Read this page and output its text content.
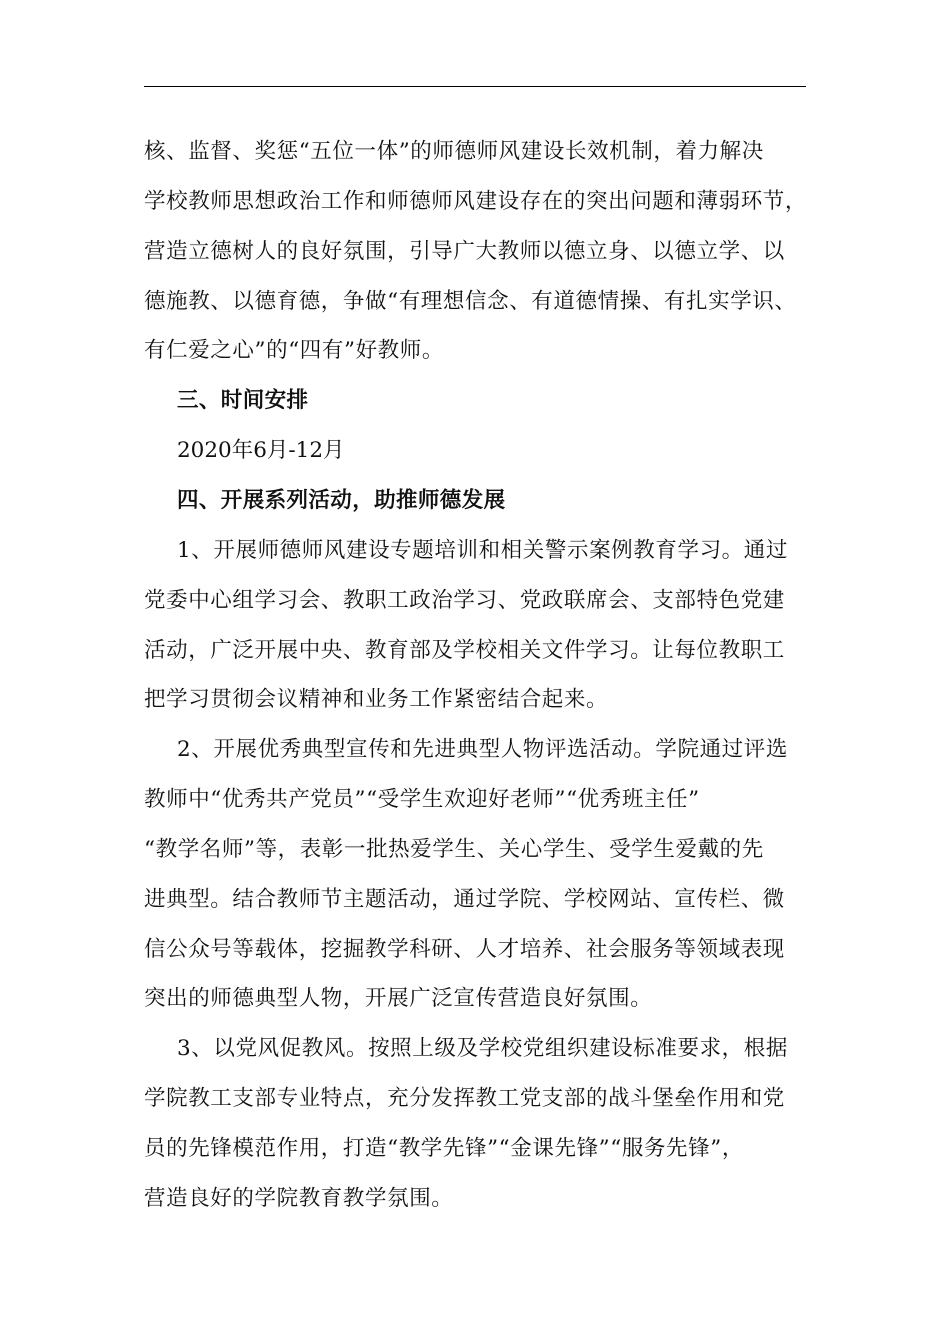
核、监督、奖惩“五位一体”的师德师风建设长效机制，着力解决
学校教师思想政治工作和师德师风建设存在的突出问题和薄弱环节，
营造立德树人的良好氛围，引导广大教师以德立身、以德立学、以
德施教、以德育德，争做“有理想信念、有道德情操、有扎实学识、
有仁爱之心”的“四有”好教师。
三、时间安排
2020年6月-12月
四、开展系列活动，助推师德发展
1、开展师德师风建设专题培训和相关警示案例教育学习。通过
党委中心组学习会、教职工政治学习、党政联席会、支部特色党建
活动，广泛开展中央、教育部及学校相关文件学习。让每位教职工
把学习贯彻会议精神和业务工作紧密结合起来。
2、开展优秀典型宣传和先进典型人物评选活动。学院通过评选
教师中“优秀共产党员”“受学生欢迎好老师”“优秀班主任”
“教学名师”等，表彰一批热爱学生、关心学生、受学生爱戴的先
进典型。结合教师节主题活动，通过学院、学校网站、宣传栏、微
信公众号等载体，挖掘教学科研、人才培养、社会服务等领域表现
突出的师德典型人物，开展广泛宣传营造良好氛围。
3、以党风促教风。按照上级及学校党组织建设标准要求，根据
学院教工支部专业特点，充分发挥教工党支部的战斗堡垒作用和党
员的先锋模范作用，打造“教学先锋”“金课先锋”“服务先锋”，
营造良好的学院教育教学氛围。
